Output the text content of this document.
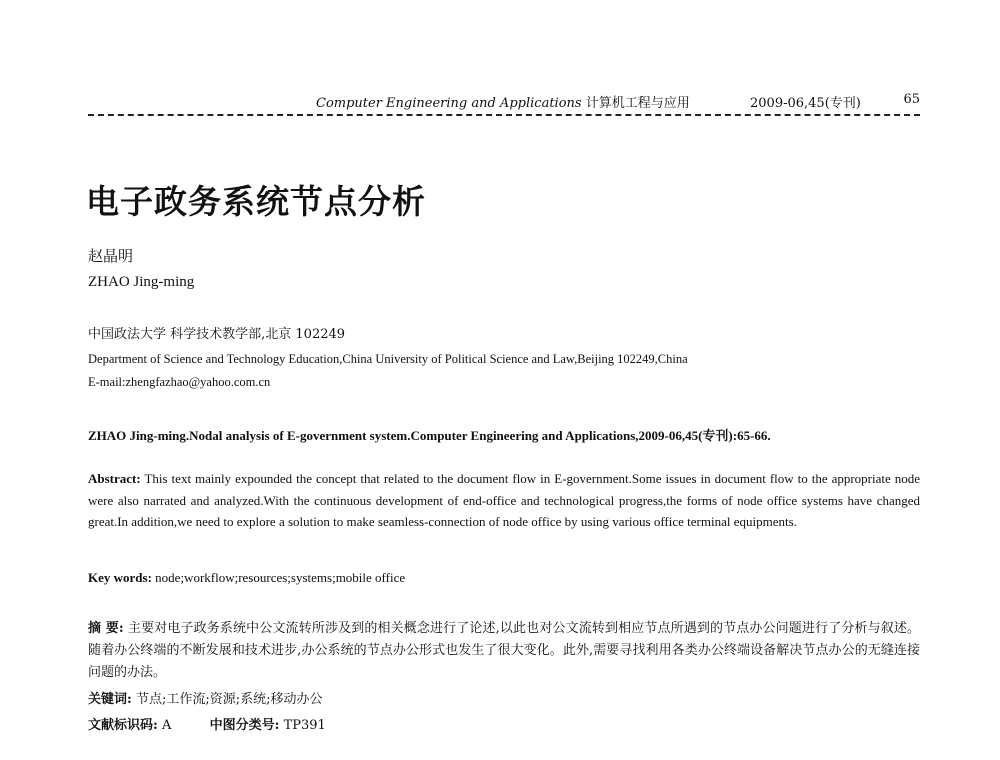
Computer Engineering and Applications 计算机工程与应用	2009-06,45(专刊)	65
电子政务系统节点分析
赵晶明
ZHAO Jing-ming
中国政法大学 科学技术教学部,北京 102249
Department of Science and Technology Education,China University of Political Science and Law,Beijing 102249,China
E-mail:zhengfazhao@yahoo.com.cn
ZHAO Jing-ming.Nodal analysis of E-government system.Computer Engineering and Applications,2009-06,45(专刊):65-66.
Abstract: This text mainly expounded the concept that related to the document flow in E-government.Some issues in document flow to the appropriate node were also narrated and analyzed.With the continuous development of end-office and technological progress,the forms of node office systems have changed great.In addition,we need to explore a solution to make seamless-connection of node office by using various office terminal equipments.
Key words: node;workflow;resources;systems;mobile office
摘 要: 主要对电子政务系统中公文流转所涉及到的相关概念进行了论述,以此也对公文流转到相应节点所遇到的节点办公问题进行了分析与叙述。随着办公终端的不断发展和技术进步,办公系统的节点办公形式也发生了很大变化。此外,需要寻找利用各类办公终端设备解决节点办公的无缝连接问题的办法。
关键词: 节点;工作流;资源;系统;移动办公
文献标识码: A	中图分类号: TP391
